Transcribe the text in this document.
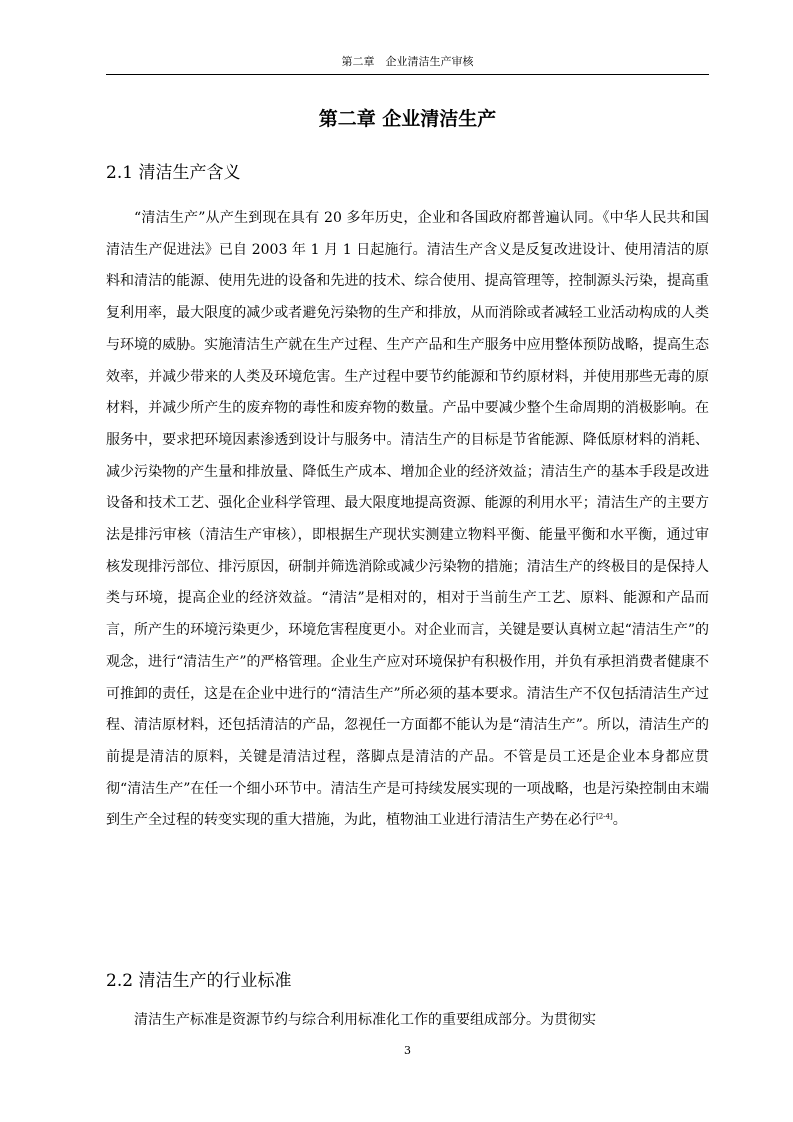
第二章　企业清洁生产审核
第二章 企业清洁生产
2.1 清洁生产含义

“清洁生产”从产生到现在具有 20 多年历史，企业和各国政府都普遍认同。《中华人民共和国清洁生产促进法》已自 2003 年 1 月 1 日起施行。清洁生产含义是反复改进设计、使用清洁的原料和清洁的能源、使用先进的设备和先进的技术、综合使用、提高管理等，控制源头污染，提高重复利用率，最大限度的减少或者避免污染物的生产和排放，从而消除或者减轻工业活动构成的人类与环境的威胁。实施清洁生产就在生产过程、生产产品和生产服务中应用整体预防战略，提高生态效率，并减少带来的人类及环境危害。生产过程中要节约能源和节约原材料，并使用那些无毒的原材料，并减少所产生的废弃物的毒性和废弃物的数量。产品中要减少整个生命周期的消极影响。在服务中，要求把环境因素渗透到设计与服务中。清洁生产的目标是节省能源、降低原材料的消耗、减少污染物的产生量和排放量、降低生产成本、增加企业的经济效益；清洁生产的基本手段是改进设备和技术工艺、强化企业科学管理、最大限度地提高资源、能源的利用水平；清洁生产的主要方法是排污审核（清洁生产审核），即根据生产现状实测建立物料平衡、能量平衡和水平衡，通过审核发现排污部位、排污原因，研制并筛选消除或减少污染物的措施；清洁生产的终极目的是保持人类与环境，提高企业的经济效益。“清洁”是相对的，相对于当前生产工艺、原料、能源和产品而言，所产生的环境污染更少，环境危害程度更小。对企业而言，关键是要认真树立起“清洁生产”的观念，进行“清洁生产”的严格管理。企业生产应对环境保护有积极作用，并负有承担消费者健康不可推卸的责任，这是在企业中进行的“清洁生产”所必须的基本要求。清洁生产不仅包括清洁生产过程、清洁原材料，还包括清洁的产品，忽视任一方面都不能认为是“清洁生产”。所以，清洁生产的前提是清洁的原料，关键是清洁过程，落脚点是清洁的产品。不管是员工还是企业本身都应贯彻“清洁生产”在任一个细小环节中。清洁生产是可持续发展实现的一项战略，也是污染控制由末端到生产全过程的转变实现的重大措施，为此，植物油工业进行清洁生产势在必行[2-4]。

2.2 清洁生产的行业标准

清洁生产标准是资源节约与综合利用标准化工作的重要组成部分。为贯彻实

3
